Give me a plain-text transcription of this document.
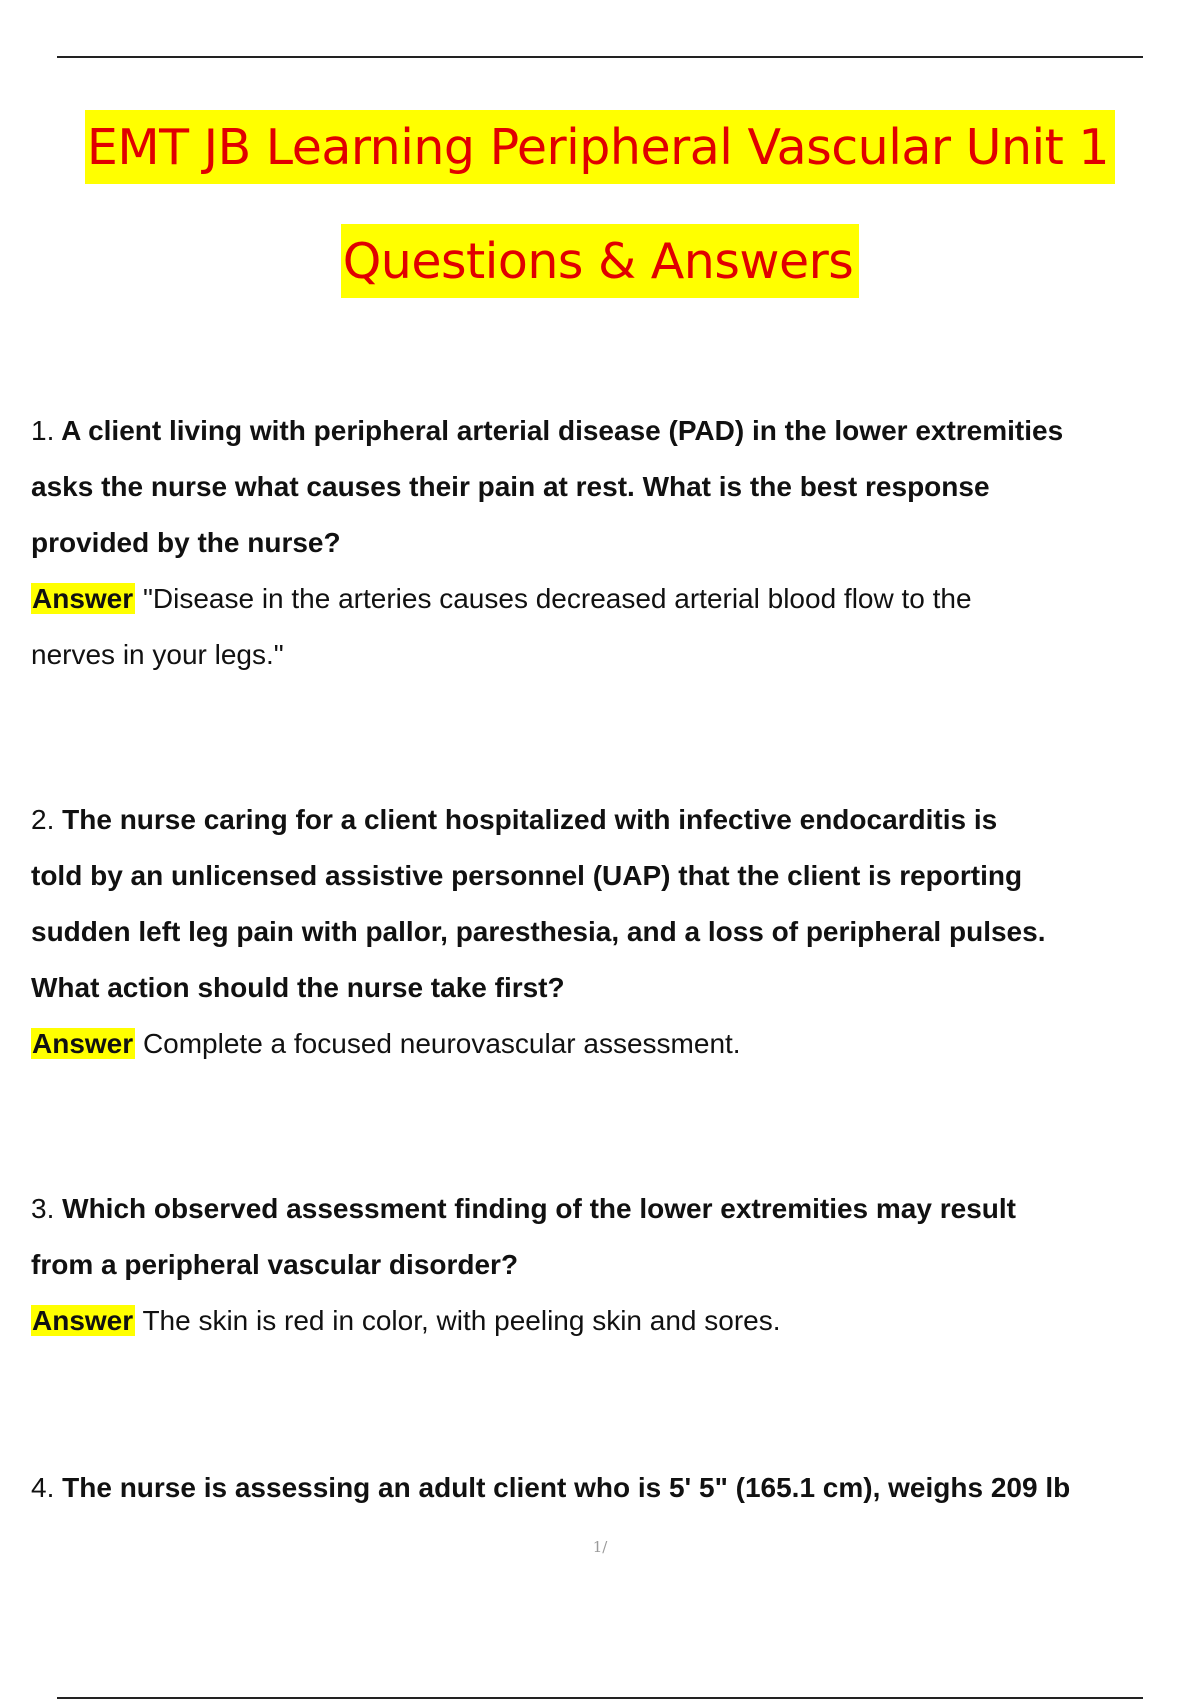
EMT JB Learning Peripheral Vascular Unit 1
Questions & Answers
1. A client living with peripheral arterial disease (PAD) in the lower extremities
asks the nurse what causes their pain at rest. What is the best response
provided by the nurse?
Answer "Disease in the arteries causes decreased arterial blood flow to the
nerves in your legs."
2. The nurse caring for a client hospitalized with infective endocarditis is
told by an unlicensed assistive personnel (UAP) that the client is reporting
sudden left leg pain with pallor, paresthesia, and a loss of peripheral pulses.
What action should the nurse take first?
Answer Complete a focused neurovascular assessment.
3. Which observed assessment finding of the lower extremities may result
from a peripheral vascular disorder?
Answer The skin is red in color, with peeling skin and sores.
4. The nurse is assessing an adult client who is 5' 5" (165.1 cm), weighs 209 lb
1/
